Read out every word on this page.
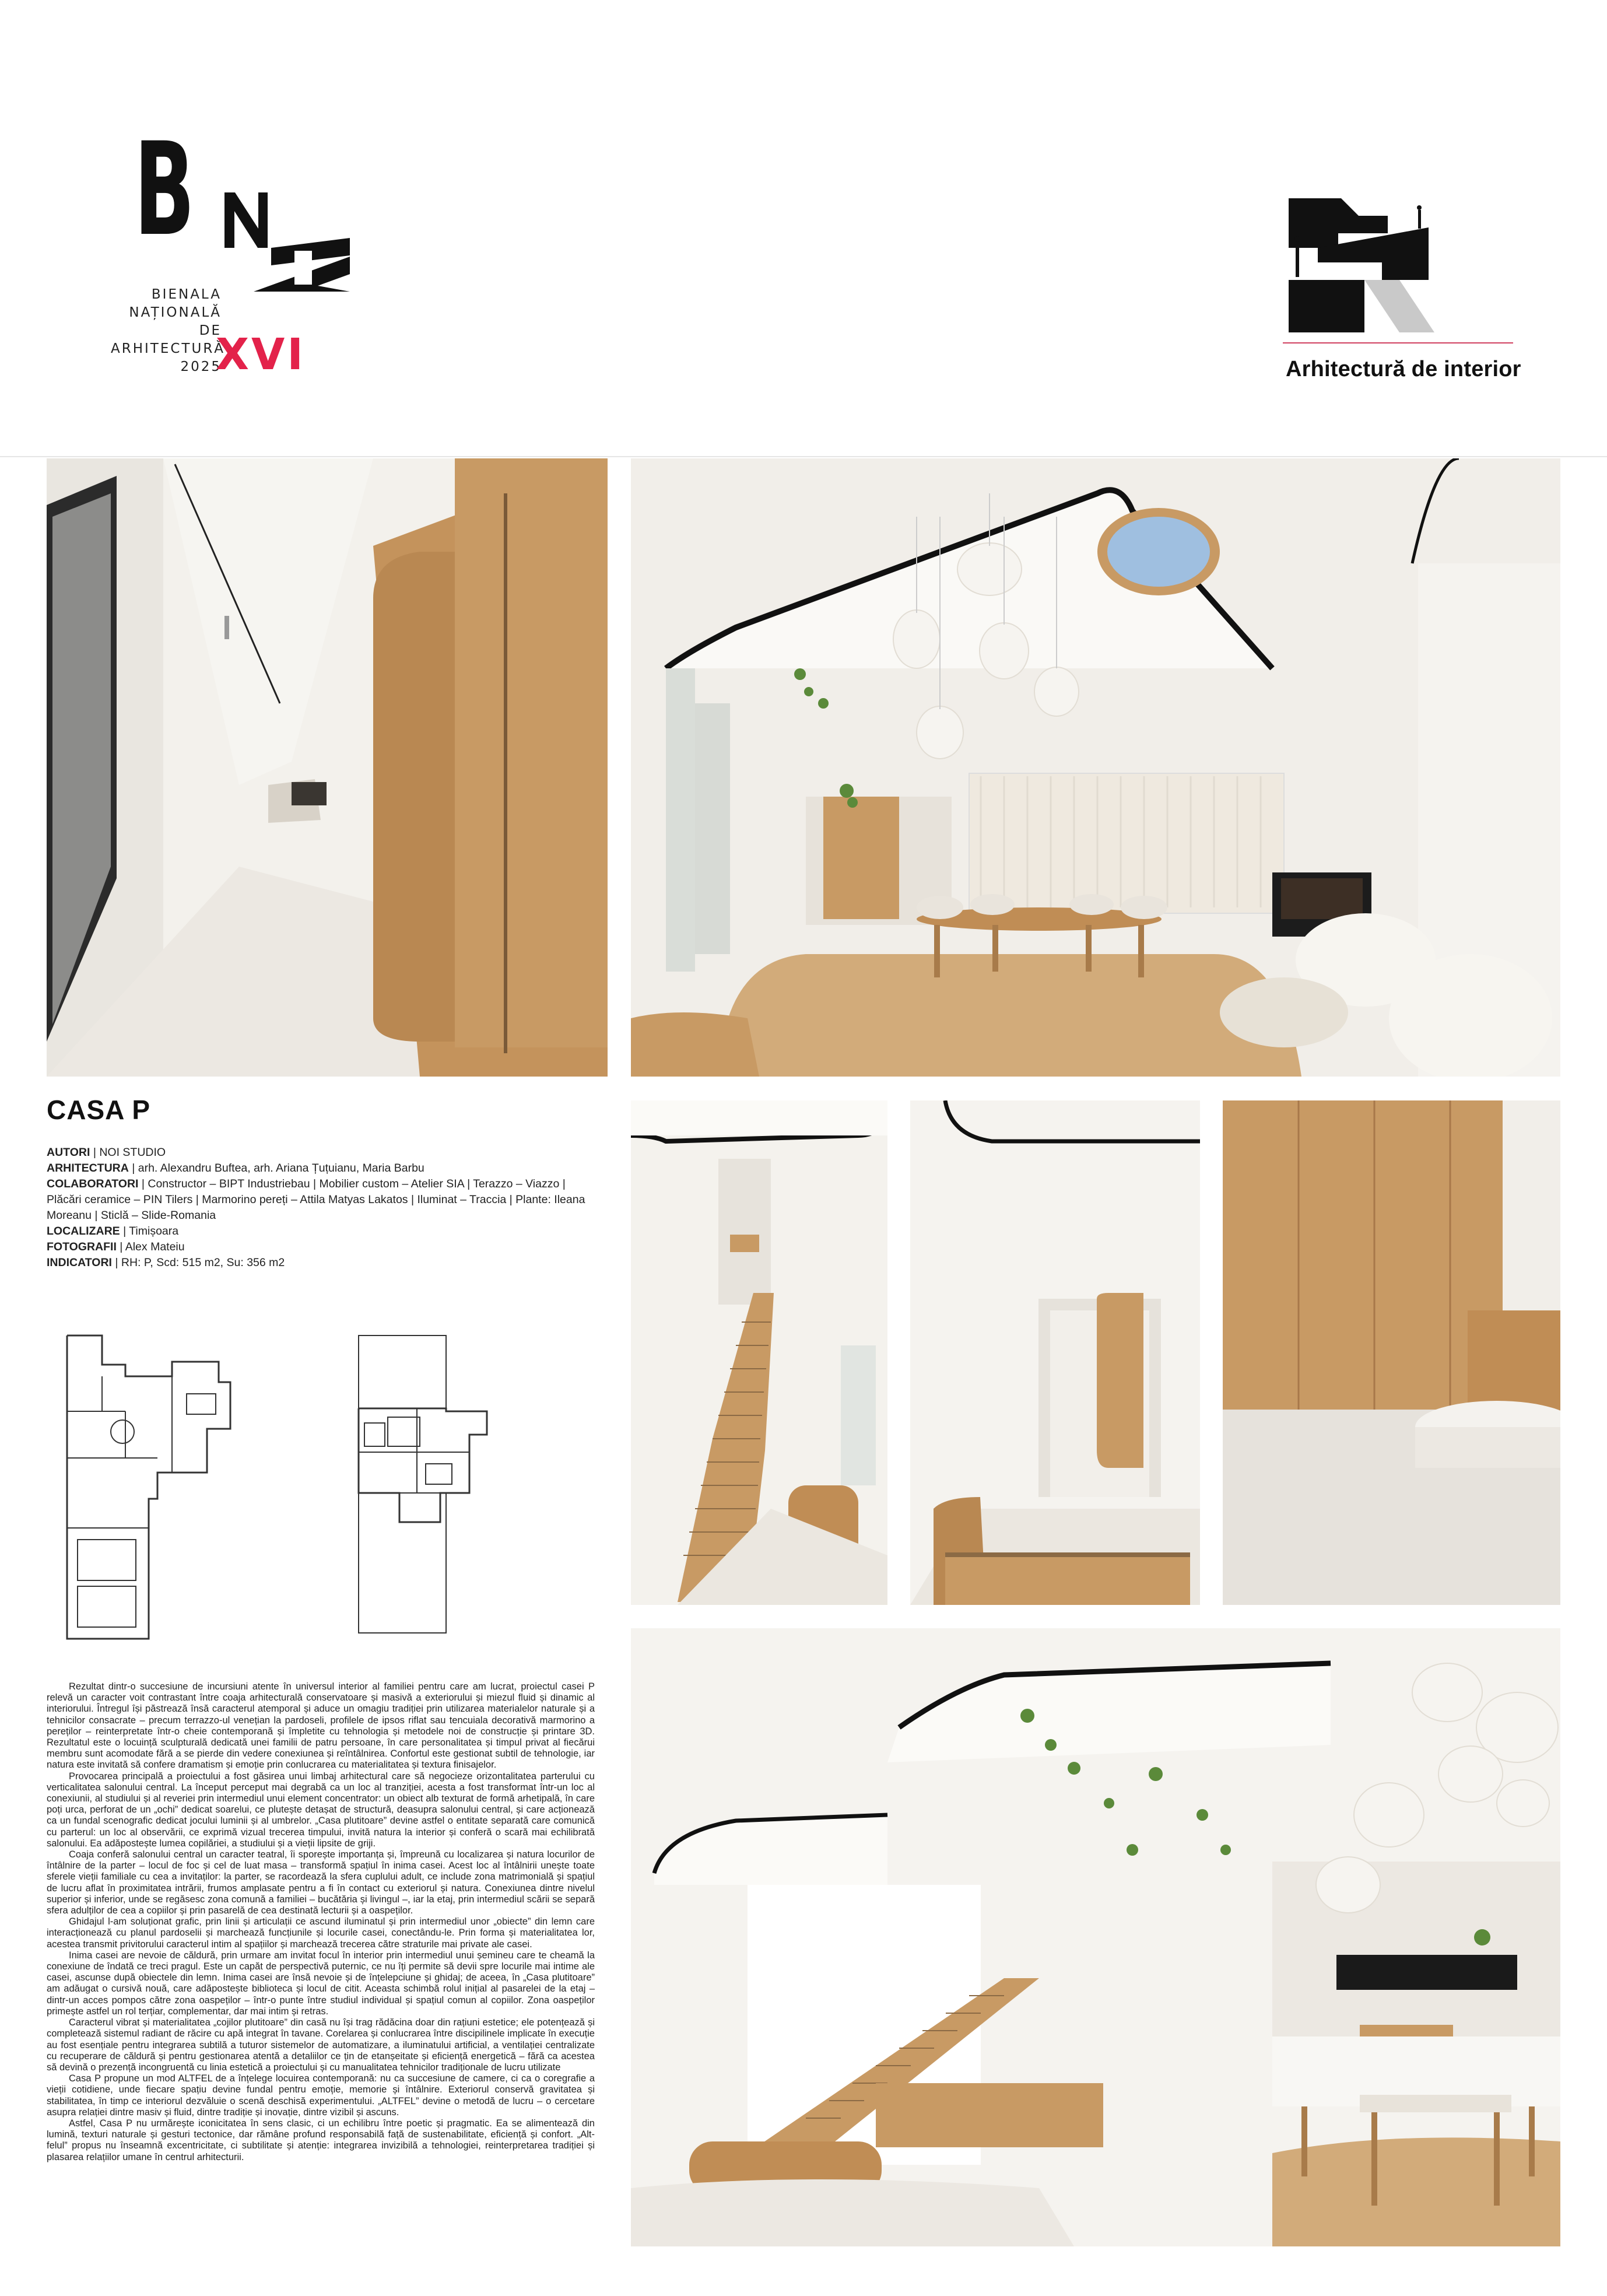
B
BIENALA
NAȚIONALĂ
DE
ARHITECTURĂ
2025
XVI	Arhitectură de interior
CASA P
AUTORI | NOI STUDIO
ARHITECTURA | arh. Alexandru Buftea, arh. Ariana Țuțuianu, Maria Barbu
COLABORATORI | Constructor – BIPT Industriebau | Mobilier custom – Atelier SIA | Terazzo – Viazzo | Plăcări ceramice – PIN Tilers | Marmorino pereți – Attila Matyas Lakatos | Iluminat – Traccia | Plante: Ileana Moreanu | Sticlă – Slide-Romania
LOCALIZARE | Timișoara
FOTOGRAFII | Alex Mateiu
INDICATORI | RH: P, Scd: 515 m2, Su: 356 m2

Rezultat dintr-o succesiune de incursiuni atente în universul interior al familiei pentru care am lucrat, proiectul casei P relevă un caracter voit contrastant între coaja arhitecturală conservatoare și masivă a exteriorului și miezul fluid și dinamic al interiorului. Întregul își păstrează însă caracterul atemporal și aduce un omagiu tradiției prin utilizarea materialelor naturale și a tehnicilor consacrate – precum terrazzo-ul venețian la pardoseli, profilele de ipsos riflat sau tencuiala decorativă marmorino a pereților – reinterpretate într-o cheie contemporană și împletite cu tehnologia și metodele noi de construcție și printare 3D. Rezultatul este o locuință sculpturală dedicată unei familii de patru persoane, în care personalitatea și timpul privat al fiecărui membru sunt acomodate fără a se pierde din vedere conexiunea și reîntâlnirea. Confortul este gestionat subtil de tehnologie, iar natura este invitată să confere dramatism și emoție prin conlucrarea cu materialitatea și textura finisajelor.

Provocarea principală a proiectului a fost găsirea unui limbaj arhitectural care să negocieze orizontalitatea parterului cu verticalitatea salonului central. La început perceput mai degrabă ca un loc al tranziției, acesta a fost transformat într-un loc al conexiunii, al studiului și al reveriei prin intermediul unui element concentrator: un obiect alb texturat de formă arhetipală, în care poți urca, perforat de un „ochi” dedicat soarelui, ce plutește detașat de structură, deasupra salonului central, și care acționează ca un fundal scenografic dedicat jocului luminii și al umbrelor. „Casa plutitoare” devine astfel o entitate separată care comunică cu parterul: un loc al observării, ce exprimă vizual trecerea timpului, invită natura la interior și conferă o scară mai echilibrată salonului. Ea adăpostește lumea copilăriei, a studiului și a vieții lipsite de griji.

Coaja conferă salonului central un caracter teatral, îi sporește importanța și, împreună cu localizarea și natura locurilor de întâlnire de la parter – locul de foc și cel de luat masa – transformă spațiul în inima casei. Acest loc al întâlnirii unește toate sferele vieții familiale cu cea a invitaților: la parter, se racordează la sfera cuplului adult, ce include zona matrimonială și spațiul de lucru aflat în proximitatea intrării, frumos amplasate pentru a fi în contact cu exteriorul și natura. Conexiunea dintre nivelul superior și inferior, unde se regăsesc zona comună a familiei – bucătăria și livingul –, iar la etaj, prin intermediul scării se separă sfera adulților de cea a copiilor și prin pasarelă de cea destinată lecturii și a oaspeților.

Ghidajul l-am soluționat grafic, prin linii și articulații ce ascund iluminatul și prin intermediul unor „obiecte” din lemn care interacționează cu planul pardoselii și marchează funcțiunile și locurile casei, conectându-le. Prin forma și materialitatea lor, acestea transmit privitorului caracterul intim al spațiilor și marchează trecerea către straturile mai private ale casei.

Inima casei are nevoie de căldură, prin urmare am invitat focul în interior prin intermediul unui șemineu care te cheamă la conexiune de îndată ce treci pragul. Este un capăt de perspectivă puternic, ce nu îți permite să devii spre locurile mai intime ale casei, ascunse după obiectele din lemn. Inima casei are însă nevoie și de înțelepciune și ghidaj; de aceea, în „Casa plutitoare” am adăugat o cursivă nouă, care adăpostește biblioteca și locul de citit. Aceasta schimbă rolul inițial al pasarelei de la etaj – dintr-un acces pompos către zona oaspeților – într-o punte între studiul individual și spațiul comun al copiilor. Zona oaspeților primește astfel un rol terțiar, complementar, dar mai intim și retras.

Caracterul vibrat și materialitatea „cojilor plutitoare” din casă nu își trag rădăcina doar din rațiuni estetice; ele potențează și completează sistemul radiant de răcire cu apă integrat în tavane. Corelarea și conlucrarea între discipilinele implicate în execuție au fost esențiale pentru integrarea subtilă a tuturor sistemelor de automatizare, a iluminatului artificial, a ventilației centralizate cu recuperare de căldură și pentru gestionarea atentă a detaliilor ce țin de etanșeitate și eficiență energetică – fără ca acestea să devină o prezență incongruentă cu linia estetică a proiectului și cu manualitatea tehnicilor tradiționale de lucru utilizate

Casa P propune un mod ALTFEL de a înțelege locuirea contemporană: nu ca succesiune de camere, ci ca o coregrafie a vieții cotidiene, unde fiecare spațiu devine fundal pentru emoție, memorie și întâlnire. Exteriorul conservă gravitatea și stabilitatea, în timp ce interiorul dezvăluie o scenă deschisă experimentului. „ALTFEL” devine o metodă de lucru – o cercetare asupra relației dintre masiv și fluid, dintre tradiție și inovație, dintre vizibil și ascuns.

Astfel, Casa P nu urmărește iconicitatea în sens clasic, ci un echilibru între poetic și pragmatic. Ea se alimentează din lumină, texturi naturale și gesturi tectonice, dar rămâne profund responsabilă față de sustenabilitate, eficiență și confort. „Alt-felul” propus nu înseamnă excentricitate, ci subtilitate și atenție: integrarea invizibilă a tehnologiei, reinterpretarea tradiției și plasarea relațiilor umane în centrul arhitecturii.
